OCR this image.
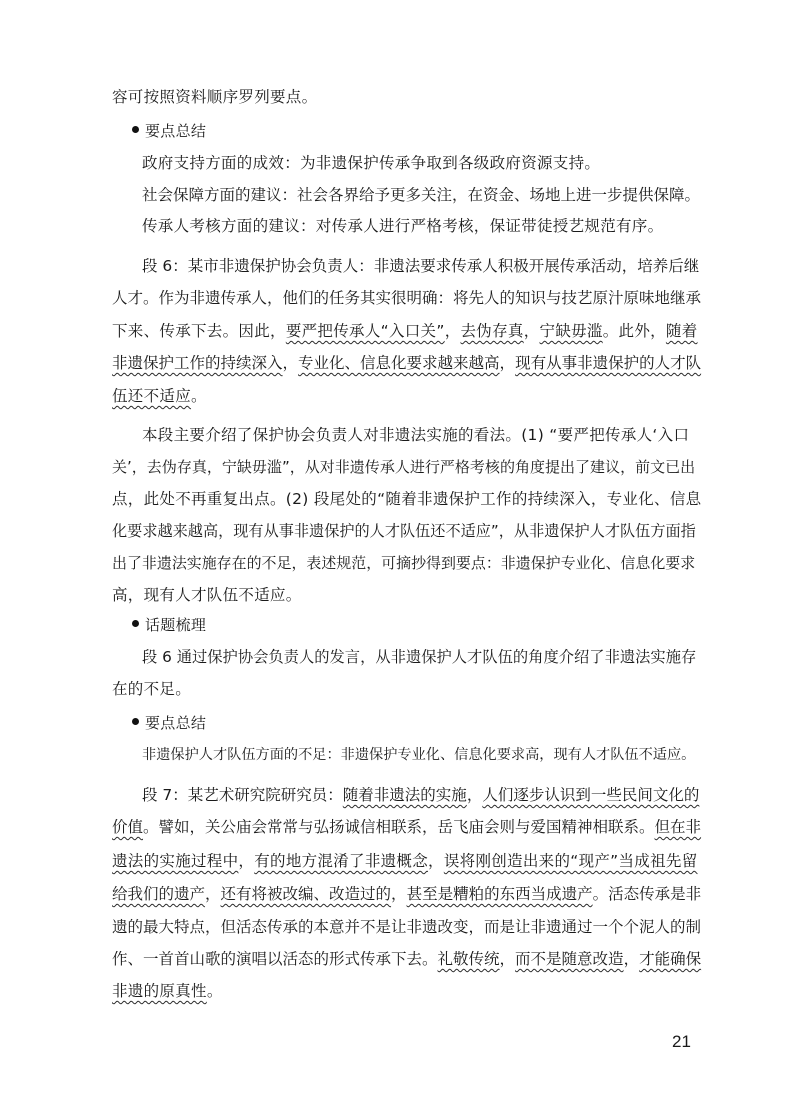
容可按照资料顺序罗列要点。
要点总结
政府支持方面的成效：为非遗保护传承争取到各级政府资源支持。
社会保障方面的建议：社会各界给予更多关注，在资金、场地上进一步提供保障。
传承人考核方面的建议：对传承人进行严格考核，保证带徒授艺规范有序。
段 6：某市非遗保护协会负责人：非遗法要求传承人积极开展传承活动，培养后继
人才。作为非遗传承人，他们的任务其实很明确：将先人的知识与技艺原汁原味地继承
下来、传承下去。因此，要严把传承人“入口关”，去伪存真，宁缺毋滥。此外，随着
非遗保护工作的持续深入，专业化、信息化要求越来越高，现有从事非遗保护的人才队
伍还不适应。
本段主要介绍了保护协会负责人对非遗法实施的看法。(1) “要严把传承人‘入口
关’，去伪存真，宁缺毋滥”，从对非遗传承人进行严格考核的角度提出了建议，前文已出
点，此处不再重复出点。(2) 段尾处的“随着非遗保护工作的持续深入，专业化、信息
化要求越来越高，现有从事非遗保护的人才队伍还不适应”，从非遗保护人才队伍方面指
出了非遗法实施存在的不足，表述规范，可摘抄得到要点：非遗保护专业化、信息化要求
高，现有人才队伍不适应。
话题梳理
段 6 通过保护协会负责人的发言，从非遗保护人才队伍的角度介绍了非遗法实施存
在的不足。
要点总结
非遗保护人才队伍方面的不足：非遗保护专业化、信息化要求高，现有人才队伍不适应。
段 7：某艺术研究院研究员：随着非遗法的实施，人们逐步认识到一些民间文化的
价值。譬如，关公庙会常常与弘扬诚信相联系，岳飞庙会则与爱国精神相联系。但在非
遗法的实施过程中，有的地方混淆了非遗概念，误将刚创造出来的“现产”当成祖先留
给我们的遗产，还有将被改编、改造过的，甚至是糟粕的东西当成遗产。活态传承是非
遗的最大特点，但活态传承的本意并不是让非遗改变，而是让非遗通过一个个泥人的制
作、一首首山歌的演唱以活态的形式传承下去。礼敬传统，而不是随意改造，才能确保
非遗的原真性。
21
